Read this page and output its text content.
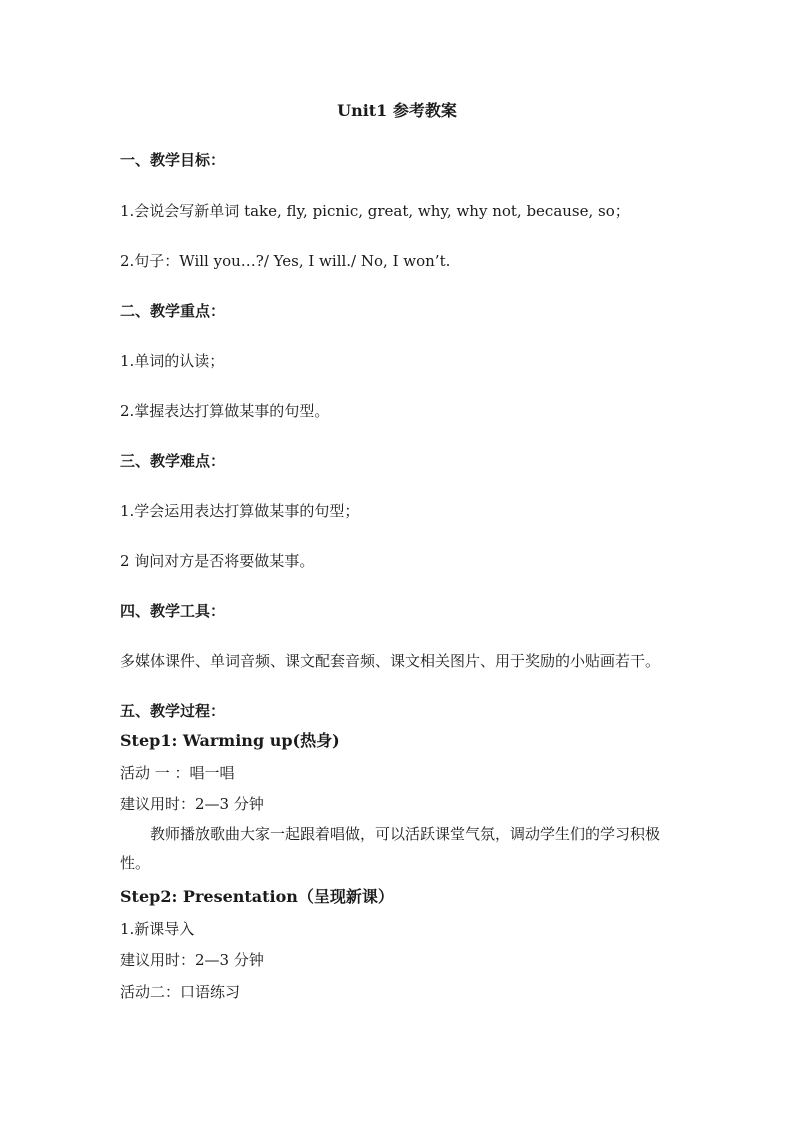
Unit1 参考教案
一、教学目标：
1.会说会写新单词 take, fly, picnic, great, why, why not, because, so；
2.句子：Will you…?/ Yes, I will./ No, I won’t.
二、教学重点：
1.单词的认读；
2.掌握表达打算做某事的句型。
三、教学难点：
1.学会运用表达打算做某事的句型；
2 询问对方是否将要做某事。
四、教学工具：
多媒体课件、单词音频、课文配套音频、课文相关图片、用于奖励的小贴画若干。
五、教学过程：
Step1: Warming up(热身)
活动 一 ：唱一唱
建议用时：2—3 分钟
教师播放歌曲大家一起跟着唱做，可以活跃课堂气氛，调动学生们的学习积极性。
Step2: Presentation（呈现新课）
1.新课导入
建议用时：2—3 分钟
活动二：口语练习
